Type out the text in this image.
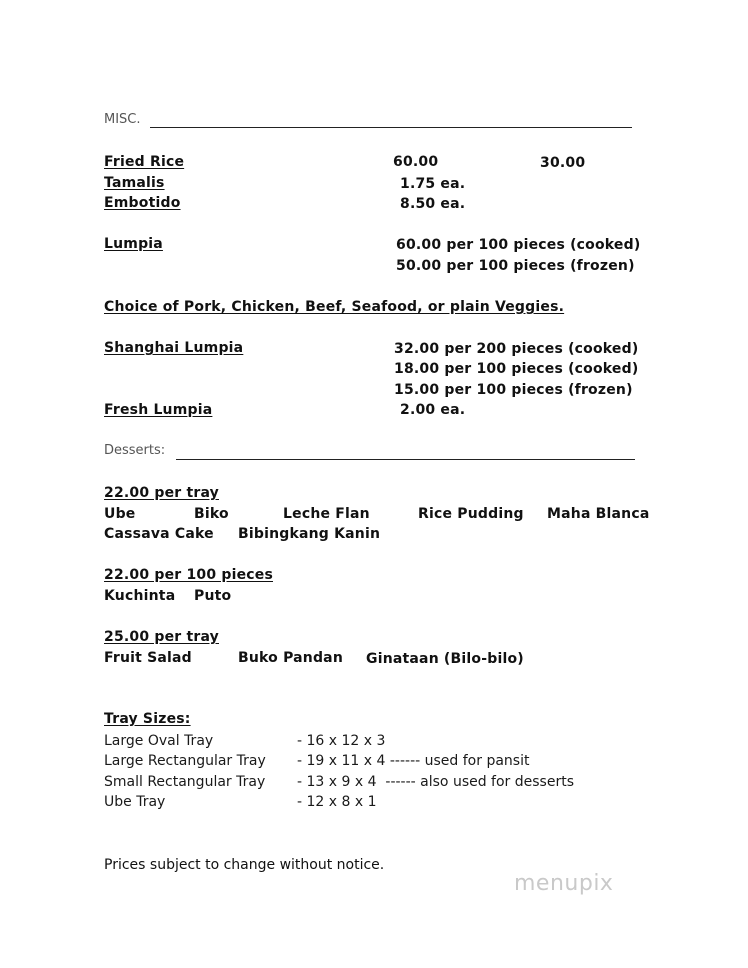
MISC.
Fried Rice	60.00	30.00
Tamalis	1.75 ea.
Embotido	8.50 ea.
Lumpia	60.00 per 100 pieces (cooked)
50.00 per 100 pieces (frozen)
Choice of Pork, Chicken, Beef, Seafood, or plain Veggies.
Shanghai Lumpia	32.00 per 200 pieces (cooked)
18.00 per 100 pieces (cooked)
15.00 per 100 pieces (frozen)
Fresh Lumpia	2.00 ea.
Desserts:
22.00 per tray
Ube	Biko	Leche Flan	Rice Pudding Maha Blanca
Cassava Cake Bibingkang Kanin
22.00 per 100 pieces
Kuchinta Puto
25.00 per tray
Fruit Salad	Buko Pandan Ginataan (Bilo-bilo)
Tray Sizes:
Large Oval Tray	- 16 x 12 x 3
Large Rectangular Tray - 19 x 11 x 4 ------ used for pansit
Small Rectangular Tray - 13 x 9 x 4  ------ also used for desserts
Ube Tray	- 12 x 8 x 1
Prices subject to change without notice.
menupix
